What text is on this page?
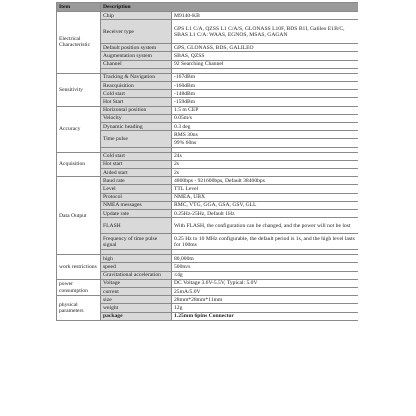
Item	Description	
Electrical Characteristic	Chip	M9140-KB
	Receiver type	GPS L1 C/A, QZSS L1 C/A/S, GLONASS L10F, BDS B1I, Galileo E1B/C, SBAS L1 C/A: WAAS, EGNOS, MSAS, GAGAN
	Default position system	GPS, GLONASS, BDS, GALILEO
	Augmentation system	SBAS, QZSS
	Channel	92 Searching Channel

Sensitivity	Tracking & Navigation	-167dBm
	Reacquisition	-160dBm
	Cold start	-148dBm
	Hot Start	-159dBm
Accuracy	Horizontal position	1.5 m CEP
	Velocity	0.05m/s
	Dynamic heading	0.3 deg
	Time pulse	RMS 30ns
		99% 60ns

Acquisition	Cold start	24s
	Hot start	2s
	Aided start	2s
Data Output	Baud rate	4800bps - 921600bps, Default 38400bps
	Level	TTL Level
	Protocol	NMEA, UBX
	NMEA messages	RMC, VTG, GGA, GSA, GSV, GLL
	Update rate	0.25Hz-25Hz, Default 1Hz
	FLASH	With FLASH, the configuration can be changed, and the power will not be lost
	Frequency of time pulse signal	0.25 Hz to 10 MHz configurable, the default period is 1s, and the high level lasts for 100ms

work restrictions	high	80,000m
	speed	500m/s
	Gravitational acceleration	≤4g
power consumption	Voltage	DC Voltage 3.6V-5.5V, Typical: 5.0V
	current	25mA/5.0V
physical parameters	size	28mm*28mm*11mm
	weight	12g
	package	1.25mm 6pins Connector
